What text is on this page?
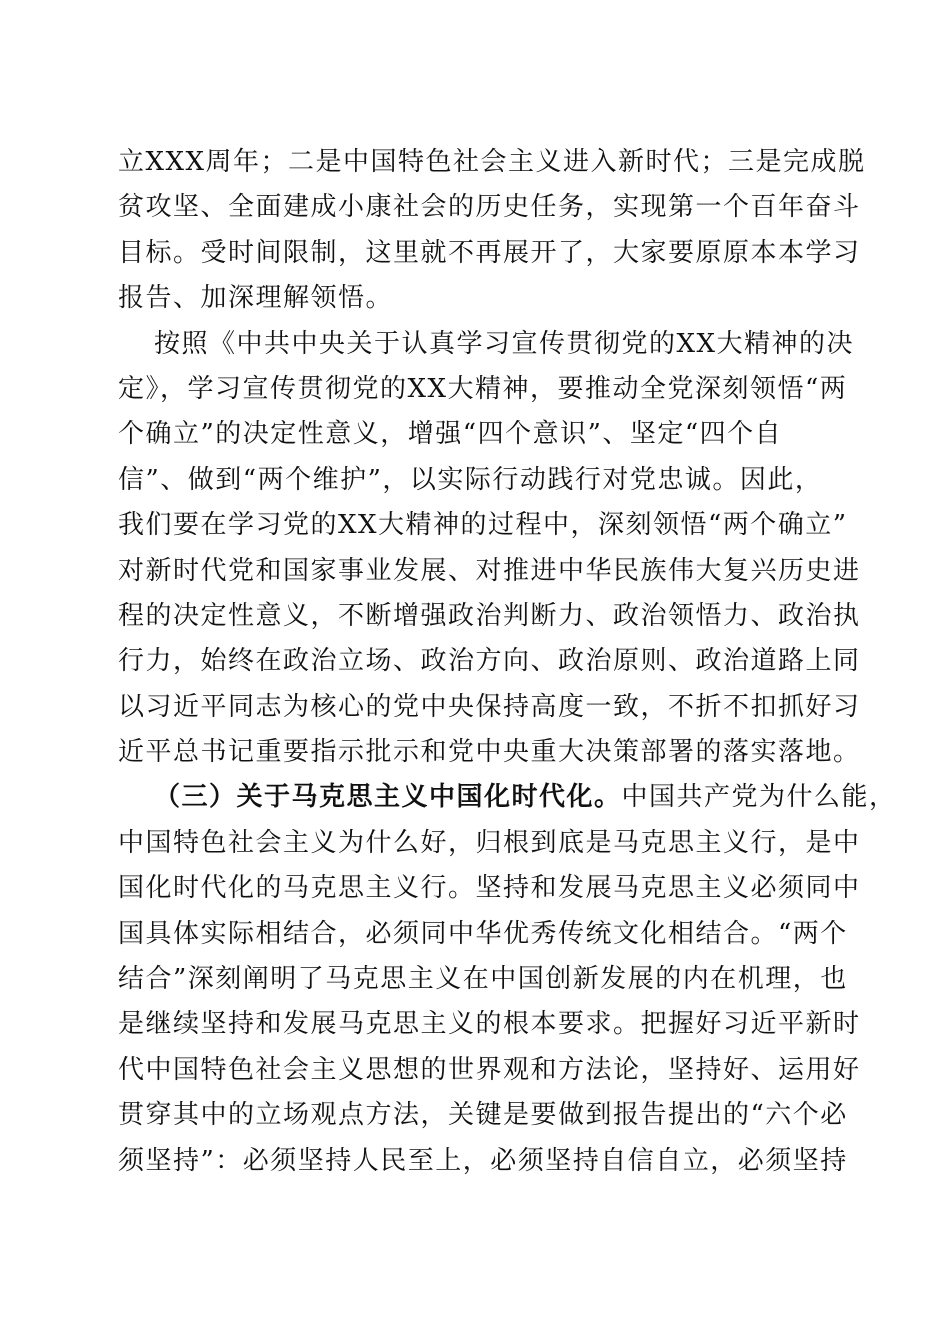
立XXX周年；二是中国特色社会主义进入新时代；三是完成脱
贫攻坚、全面建成小康社会的历史任务，实现第一个百年奋斗
目标。受时间限制，这里就不再展开了，大家要原原本本学习
报告、加深理解领悟。
按照《中共中央关于认真学习宣传贯彻党的XX大精神的决
定》，学习宣传贯彻党的XX大精神，要推动全党深刻领悟“两
个确立”的决定性意义，增强“四个意识”、坚定“四个自
信”、做到“两个维护”，以实际行动践行对党忠诚。因此，
我们要在学习党的XX大精神的过程中，深刻领悟“两个确立”
对新时代党和国家事业发展、对推进中华民族伟大复兴历史进
程的决定性意义，不断增强政治判断力、政治领悟力、政治执
行力，始终在政治立场、政治方向、政治原则、政治道路上同
以习近平同志为核心的党中央保持高度一致，不折不扣抓好习
近平总书记重要指示批示和党中央重大决策部署的落实落地。
（三）关于马克思主义中国化时代化。中国共产党为什么能，
中国特色社会主义为什么好，归根到底是马克思主义行，是中
国化时代化的马克思主义行。坚持和发展马克思主义必须同中
国具体实际相结合，必须同中华优秀传统文化相结合。“两个
结合”深刻阐明了马克思主义在中国创新发展的内在机理，也
是继续坚持和发展马克思主义的根本要求。把握好习近平新时
代中国特色社会主义思想的世界观和方法论，坚持好、运用好
贯穿其中的立场观点方法，关键是要做到报告提出的“六个必
须坚持”：必须坚持人民至上，必须坚持自信自立，必须坚持
